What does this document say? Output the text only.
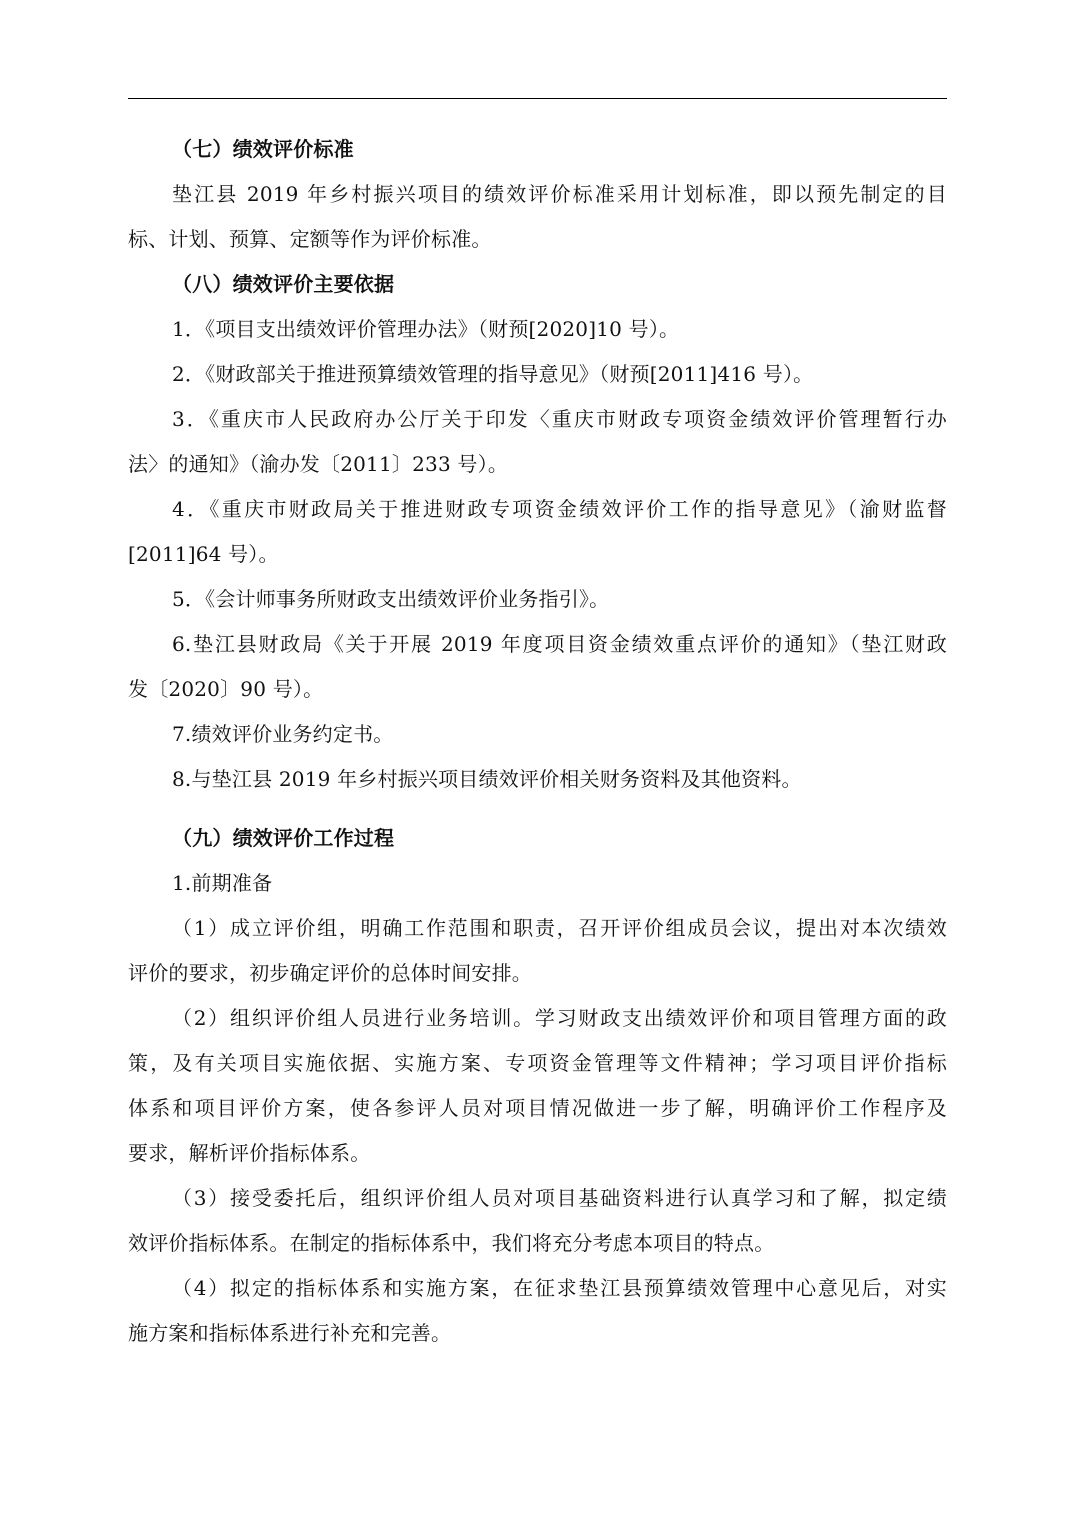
（七）绩效评价标准
垫江县 2019 年乡村振兴项目的绩效评价标准采用计划标准，即以预先制定的目
标、计划、预算、定额等作为评价标准。
（八）绩效评价主要依据
1．《项目支出绩效评价管理办法》（财预[2020]10 号）。
2．《财政部关于推进预算绩效管理的指导意见》（财预[2011]416 号）。
3．《重庆市人民政府办公厅关于印发〈重庆市财政专项资金绩效评价管理暂行办
法〉的通知》（渝办发〔2011〕233 号）。
4．《重庆市财政局关于推进财政专项资金绩效评价工作的指导意见》（渝财监督
[2011]64 号）。
5．《会计师事务所财政支出绩效评价业务指引》。
6.垫江县财政局《关于开展 2019 年度项目资金绩效重点评价的通知》（垫江财政
发〔2020〕90 号）。
7.绩效评价业务约定书。
8.与垫江县 2019 年乡村振兴项目绩效评价相关财务资料及其他资料。
（九）绩效评价工作过程
1.前期准备
（1）成立评价组，明确工作范围和职责，召开评价组成员会议，提出对本次绩效
评价的要求，初步确定评价的总体时间安排。
（2）组织评价组人员进行业务培训。学习财政支出绩效评价和项目管理方面的政
策，及有关项目实施依据、实施方案、专项资金管理等文件精神；学习项目评价指标
体系和项目评价方案，使各参评人员对项目情况做进一步了解，明确评价工作程序及
要求，解析评价指标体系。
（3）接受委托后，组织评价组人员对项目基础资料进行认真学习和了解，拟定绩
效评价指标体系。在制定的指标体系中，我们将充分考虑本项目的特点。
（4）拟定的指标体系和实施方案，在征求垫江县预算绩效管理中心意见后，对实
施方案和指标体系进行补充和完善。
